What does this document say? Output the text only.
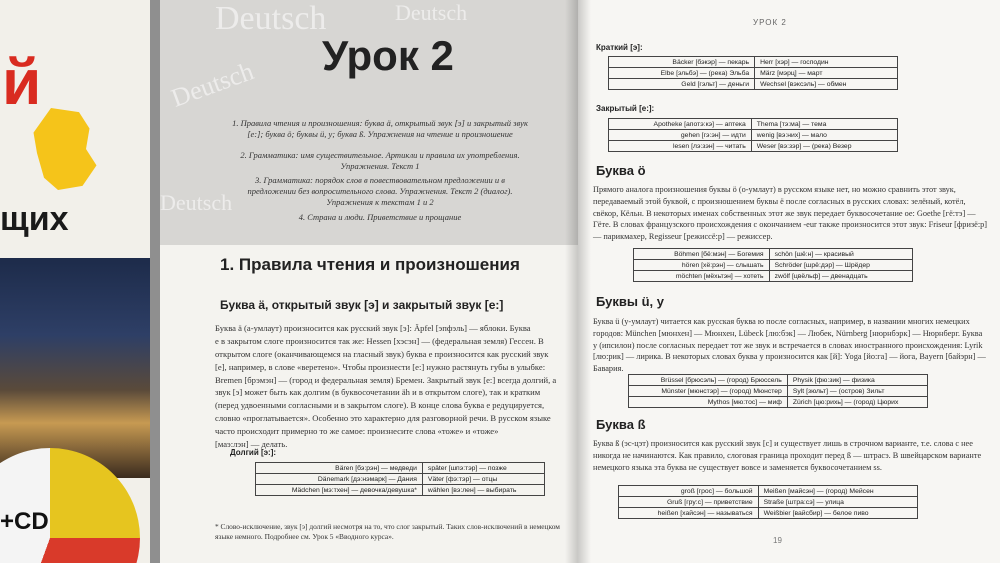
й
щих
+CD
Deutsch
Deutsch
Deutsch
Deutsch
Урок 2
1. Правила чтения и произношения: буква ä, открытый звук [э] и закрытый звук [e:]; буква ö; буквы ü, y; буква ß. Упражнения на чтение и произношение
2. Грамматика: имя существительное. Артикли и правила их употребления. Упражнения. Текст 1
3. Грамматика: порядок слов в повествовательном предложении и в предложении без вопросительного слова. Упражнения. Текст 2 (диалог). Упражнения к текстам 1 и 2
4. Страна и люди. Приветствие и прощание
1. Правила чтения и произношения
Буква ä, открытый звук [э] и закрытый звук [e:]
Буква ä (а-умлаут) произносится как русский звук [э]: Äpfel [эпфэль] — яблоки. Буква
e в закрытом слоге произносится так же: Hessen [хэсэн] — (федеральная земля) Гессен. В
открытом слоге (оканчивающемся на гласный звук) буква e произносится как русский звук
[e], например, в слове «веретено». Чтобы произнести [e:] нужно растянуть губы в улыбке:
Bremen [брэмэн] — (город и федеральная земля) Бремен. Закрытый звук [e:] всегда долгий, а
звук [э] может быть как долгим (в буквосочетании äh и в открытом слоге), так и кратким
(перед удвоенными согласными и в закрытом слоге). В конце слова буква e редуцируется, словно «проглатывается». Особенно это характерно для разговорной речи. В русском языке часто происходит примерно то же самое: произнесите слова «тоже» и «тоже»
[маэ:лэн] — делать.
Долгий [э:]:
Bären [бэ:рэн] — медведи	später [шпэ:тэр] — позже
Dänemark [дэ:нэмарк] — Дания	Väter [фэ:тэр] — отцы
Mädchen [мэ:тхен] — девочка/девушка*	wählen [вэ:лен] — выбирать
* Слово-исключение, звук [э] долгий несмотря на то, что слог закрытый. Таких слов-исключений в немецком языке немного. Подробнее см. Урок 5 «Вводного курса».
УРОК 2
Краткий [э]:
Bäcker [бэкэр] — пекарь	Herr [хэр] — господин
Elbe [эльбэ] — (река) Эльба	März [мэрц] — март
Geld [гэльт] — деньги	Wechsel [вэксэль] — обмен
Закрытый [e:]:
Apotheke [апотэ:кэ] — аптека	Thema [тэ:ма] — тема
gehen [гэ:эн] — идти	wenig [вэ:них] — мало
lesen [лэ:зэн] — читать	Weser [вэ:зэр] — (река) Везер
Буква ö
Прямого аналога произношения буквы ö (о-умлаут) в русском языке нет, но можно сравнить этот звук, передаваемый этой буквой, с произношением буквы ё после согласных в русских словах: зелёный, котёл, свёкор, Кёльн. В некоторых именах собственных этот же звук передает буквосочетание oe: Goethe [гё:тэ] — Гёте. В словах французского происхождения с окончанием -eur также произносится этот звук: Friseur [фризё:р] — парикмахер, Regisseur [режиссё:р] — режиссер.
Böhmen [бё:мэн] — Богемия	schön [шё:н] — красивый
hören [хё:рэн] — слышать	Schröder [шрё:дэр] — Шрёдер
möchten [мёхьтэн] — хотеть	zwölf [цвёльф] — двенадцать
Буквы ü, y
Буква ü (у-умлаут) читается как русская буква ю после согласных, например, в названии многих немецких городов: München [мюнхен] — Мюнхен, Lübeck [лю:бэк] — Любек, Nürnberg [нюрнбэрк] — Нюрнберг. Буква y (ипсилон) после согласных передает тот же звук и встречается в словах иностранного происхождения: Lyrik [лю:рик] — лирика. В некоторых словах буква y произносится как [й]: Yoga [йо:га] — йога, Bayern [байэрн] — Бавария.
Brüssel [брюсэль] — (город) Брюссель	Physik [фю:зик] — физика
Münster [мюнстэр] — (город) Мюнстер	Sylt [зюльт] — (остров) Зильт
Mythos [мю:тос] — миф	Zürich [цю:рихь] — (город) Цюрих
Буква ß
Буква ß (эс-цэт) произносится как русский звук [с] и существует лишь в строчном варианте, т.е. слова с нее никогда не начинаются. Как правило, слоговая граница проходит перед ß — штраcэ. В швейцарском варианте немецкого языка эта буква не существует вовсе и заменяется буквосочетанием ss.
groß [грос] — большой	Meißen [майсэн] — (город) Мейсен
Gruß [гру:с] — приветствие	Straße [штра:сэ] — улица
heißen [хайсэн] — называться	Weißbier [вайсбир] — белое пиво
19
